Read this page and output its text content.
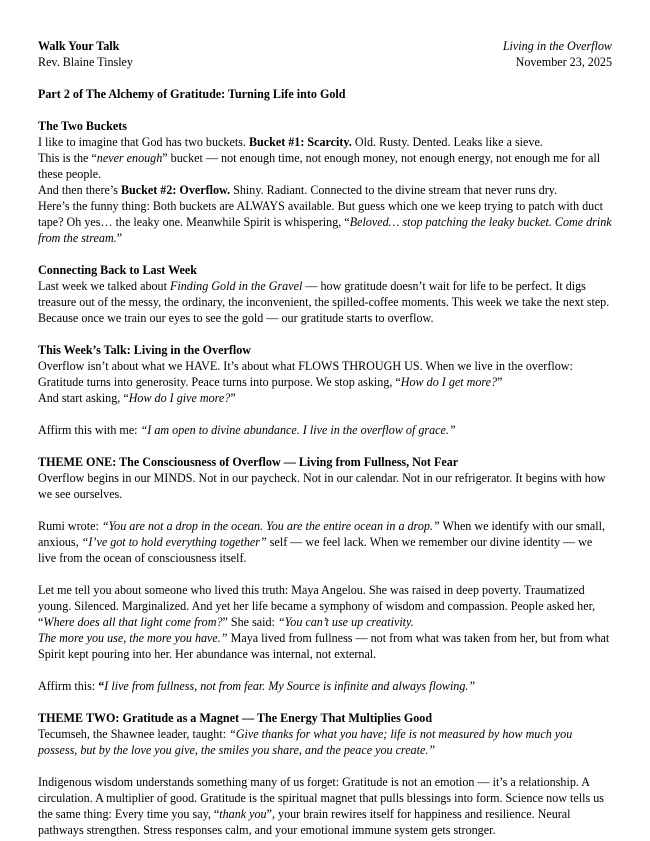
Walk Your Talk
Rev. Blaine Tinsley
Living in the Overflow
November 23, 2025

Part 2 of The Alchemy of Gratitude: Turning Life into Gold

The Two Buckets

I like to imagine that God has two buckets. Bucket #1: Scarcity. Old. Rusty. Dented. Leaks like a sieve.

This is the “never enough” bucket — not enough time, not enough money, not enough energy, not enough me for all these people.

And then there’s Bucket #2: Overflow. Shiny. Radiant. Connected to the divine stream that never runs dry.

Here’s the funny thing: Both buckets are ALWAYS available. But guess which one we keep trying to patch with duct tape? Oh yes… the leaky one. Meanwhile Spirit is whispering, “Beloved… stop patching the leaky bucket. Come drink from the stream.”

Connecting Back to Last Week

Last week we talked about Finding Gold in the Gravel — how gratitude doesn’t wait for life to be perfect. It digs treasure out of the messy, the ordinary, the inconvenient, the spilled-coffee moments. This week we take the next step. Because once we train our eyes to see the gold — our gratitude starts to overflow.

This Week’s Talk: Living in the Overflow

Overflow isn’t about what we HAVE. It’s about what FLOWS THROUGH US. When we live in the overflow: Gratitude turns into generosity. Peace turns into purpose. We stop asking, “How do I get more?”

And start asking, “How do I give more?”

Affirm this with me: “I am open to divine abundance. I live in the overflow of grace.”

THEME ONE: The Consciousness of Overflow — Living from Fullness, Not Fear

Overflow begins in our MINDS. Not in our paycheck. Not in our calendar. Not in our refrigerator. It begins with how we see ourselves.

Rumi wrote: “You are not a drop in the ocean. You are the entire ocean in a drop.” When we identify with our small, anxious, “I’ve got to hold everything together” self — we feel lack. When we remember our divine identity — we live from the ocean of consciousness itself.

Let me tell you about someone who lived this truth: Maya Angelou. She was raised in deep poverty. Traumatized young. Silenced. Marginalized. And yet her life became a symphony of wisdom and compassion. People asked her, “Where does all that light come from?” She said: “You can’t use up creativity.
The more you use, the more you have.” Maya lived from fullness — not from what was taken from her, but from what Spirit kept pouring into her. Her abundance was internal, not external.

Affirm this: “I live from fullness, not from fear. My Source is infinite and always flowing.”

THEME TWO: Gratitude as a Magnet — The Energy That Multiplies Good

Tecumseh, the Shawnee leader, taught: “Give thanks for what you have; life is not measured by how much you possess, but by the love you give, the smiles you share, and the peace you create.”

Indigenous wisdom understands something many of us forget: Gratitude is not an emotion — it’s a relationship. A circulation. A multiplier of good. Gratitude is the spiritual magnet that pulls blessings into form. Science now tells us the same thing: Every time you say, “thank you”, your brain rewires itself for happiness and resilience. Neural pathways strengthen. Stress responses calm, and your emotional immune system gets stronger.
